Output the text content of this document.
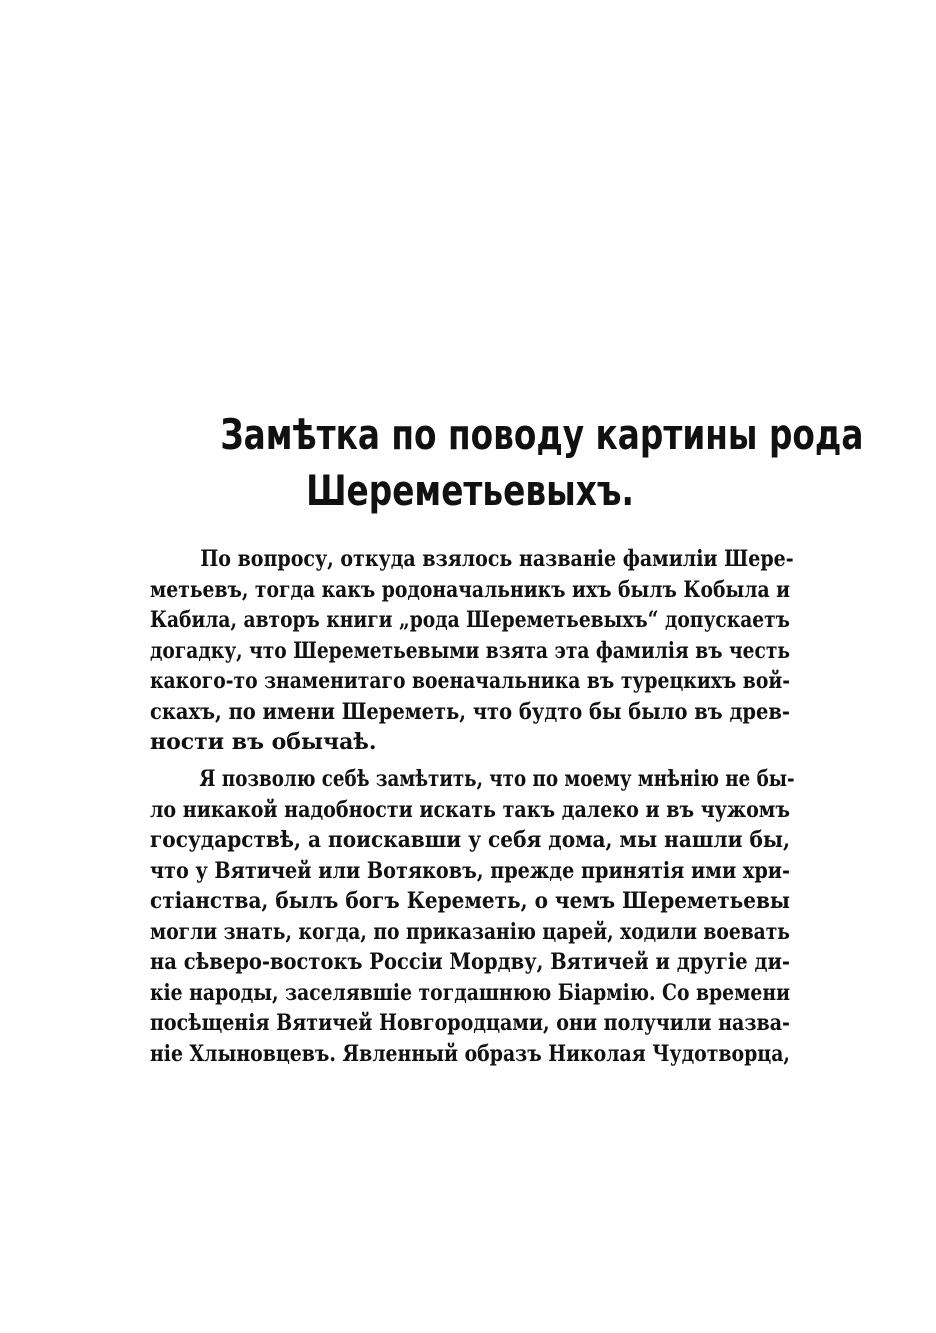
Замѣтка по поводу картины рода
Шереметьевыхъ.
По вопросу, откуда взялось названіе фамиліи Шере-
метьевъ, тогда какъ родоначальникъ ихъ былъ Кобыла и
Кабила, авторъ книги „рода Шереметьевыхъ“ допускаетъ
догадку, что Шереметьевыми взята эта фамилія въ честь
какого-то знаменитаго военачальника въ турецкихъ вой-
скахъ, по имени Шереметь, что будто бы было въ древ-
ности въ обычаѣ.
Я позволю себѣ замѣтить, что по моему мнѣнію не бы-
ло никакой надобности искать такъ далеко и въ чужомъ
государствѣ, а поискавши у себя дома, мы нашли бы,
что у Вятичей или Вотяковъ, прежде принятія ими хри-
стіанства, былъ богъ Кереметь, о чемъ Шереметьевы
могли знать, когда, по приказанію царей, ходили воевать
на сѣверо-востокъ Россіи Мордву, Вятичей и другіе ди-
кіе народы, заселявшіе тогдашнюю Біармію. Со времени
посѣщенія Вятичей Новгородцами, они получили назва-
ніе Хлыновцевъ. Явленный образъ Николая Чудотворца,
